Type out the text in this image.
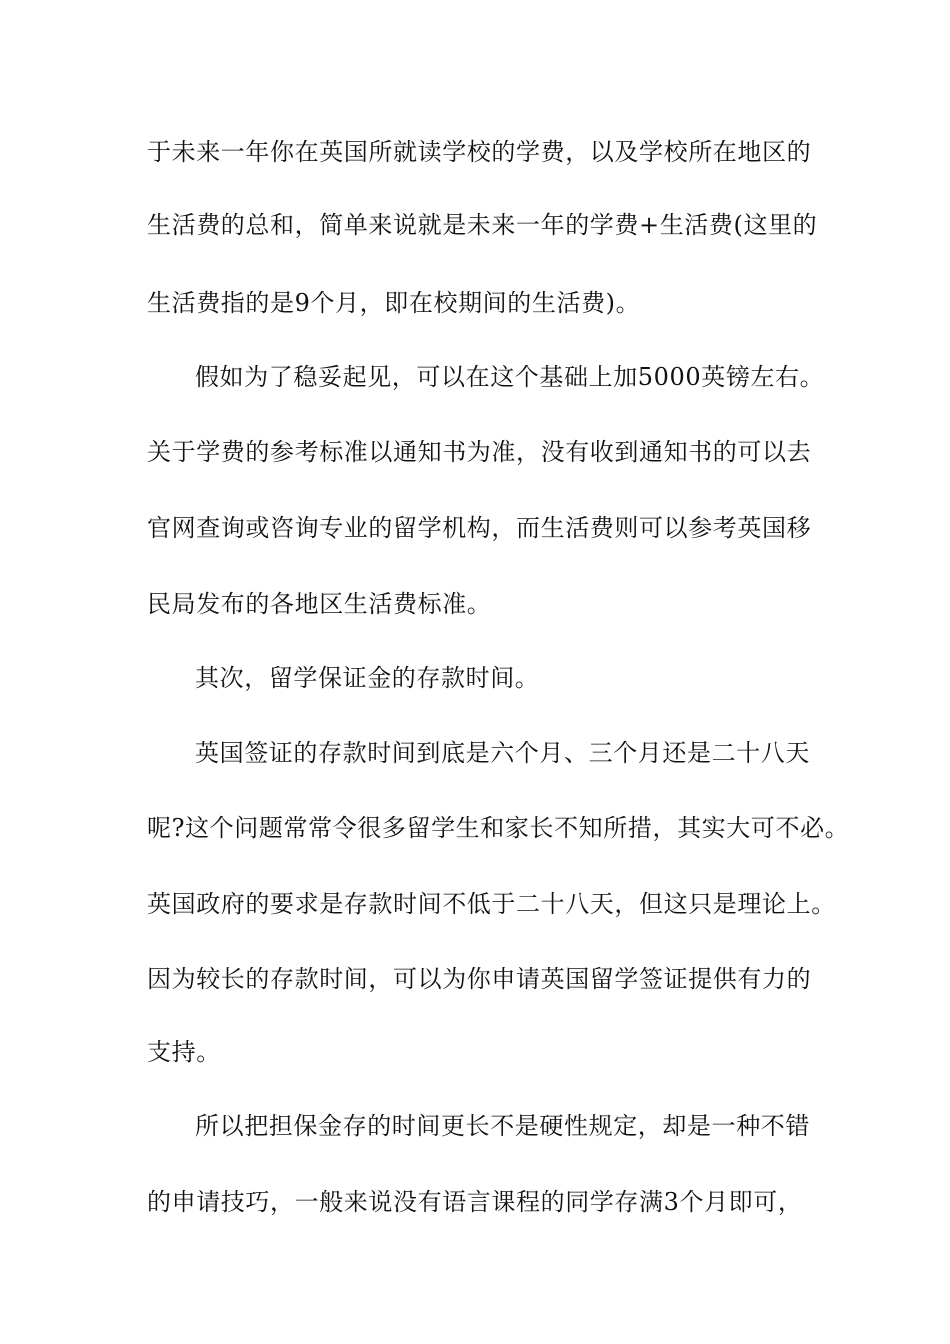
于未来一年你在英国所就读学校的学费，以及学校所在地区的
生活费的总和，简单来说就是未来一年的学费+生活费(这里的
生活费指的是9个月，即在校期间的生活费)。
假如为了稳妥起见，可以在这个基础上加5000英镑左右。
关于学费的参考标准以通知书为准，没有收到通知书的可以去
官网查询或咨询专业的留学机构，而生活费则可以参考英国移
民局发布的各地区生活费标准。
其次，留学保证金的存款时间。
英国签证的存款时间到底是六个月、三个月还是二十八天
呢?这个问题常常令很多留学生和家长不知所措，其实大可不必。
英国政府的要求是存款时间不低于二十八天，但这只是理论上。
因为较长的存款时间，可以为你申请英国留学签证提供有力的
支持。
所以把担保金存的时间更长不是硬性规定，却是一种不错
的申请技巧，一般来说没有语言课程的同学存满3个月即可，
